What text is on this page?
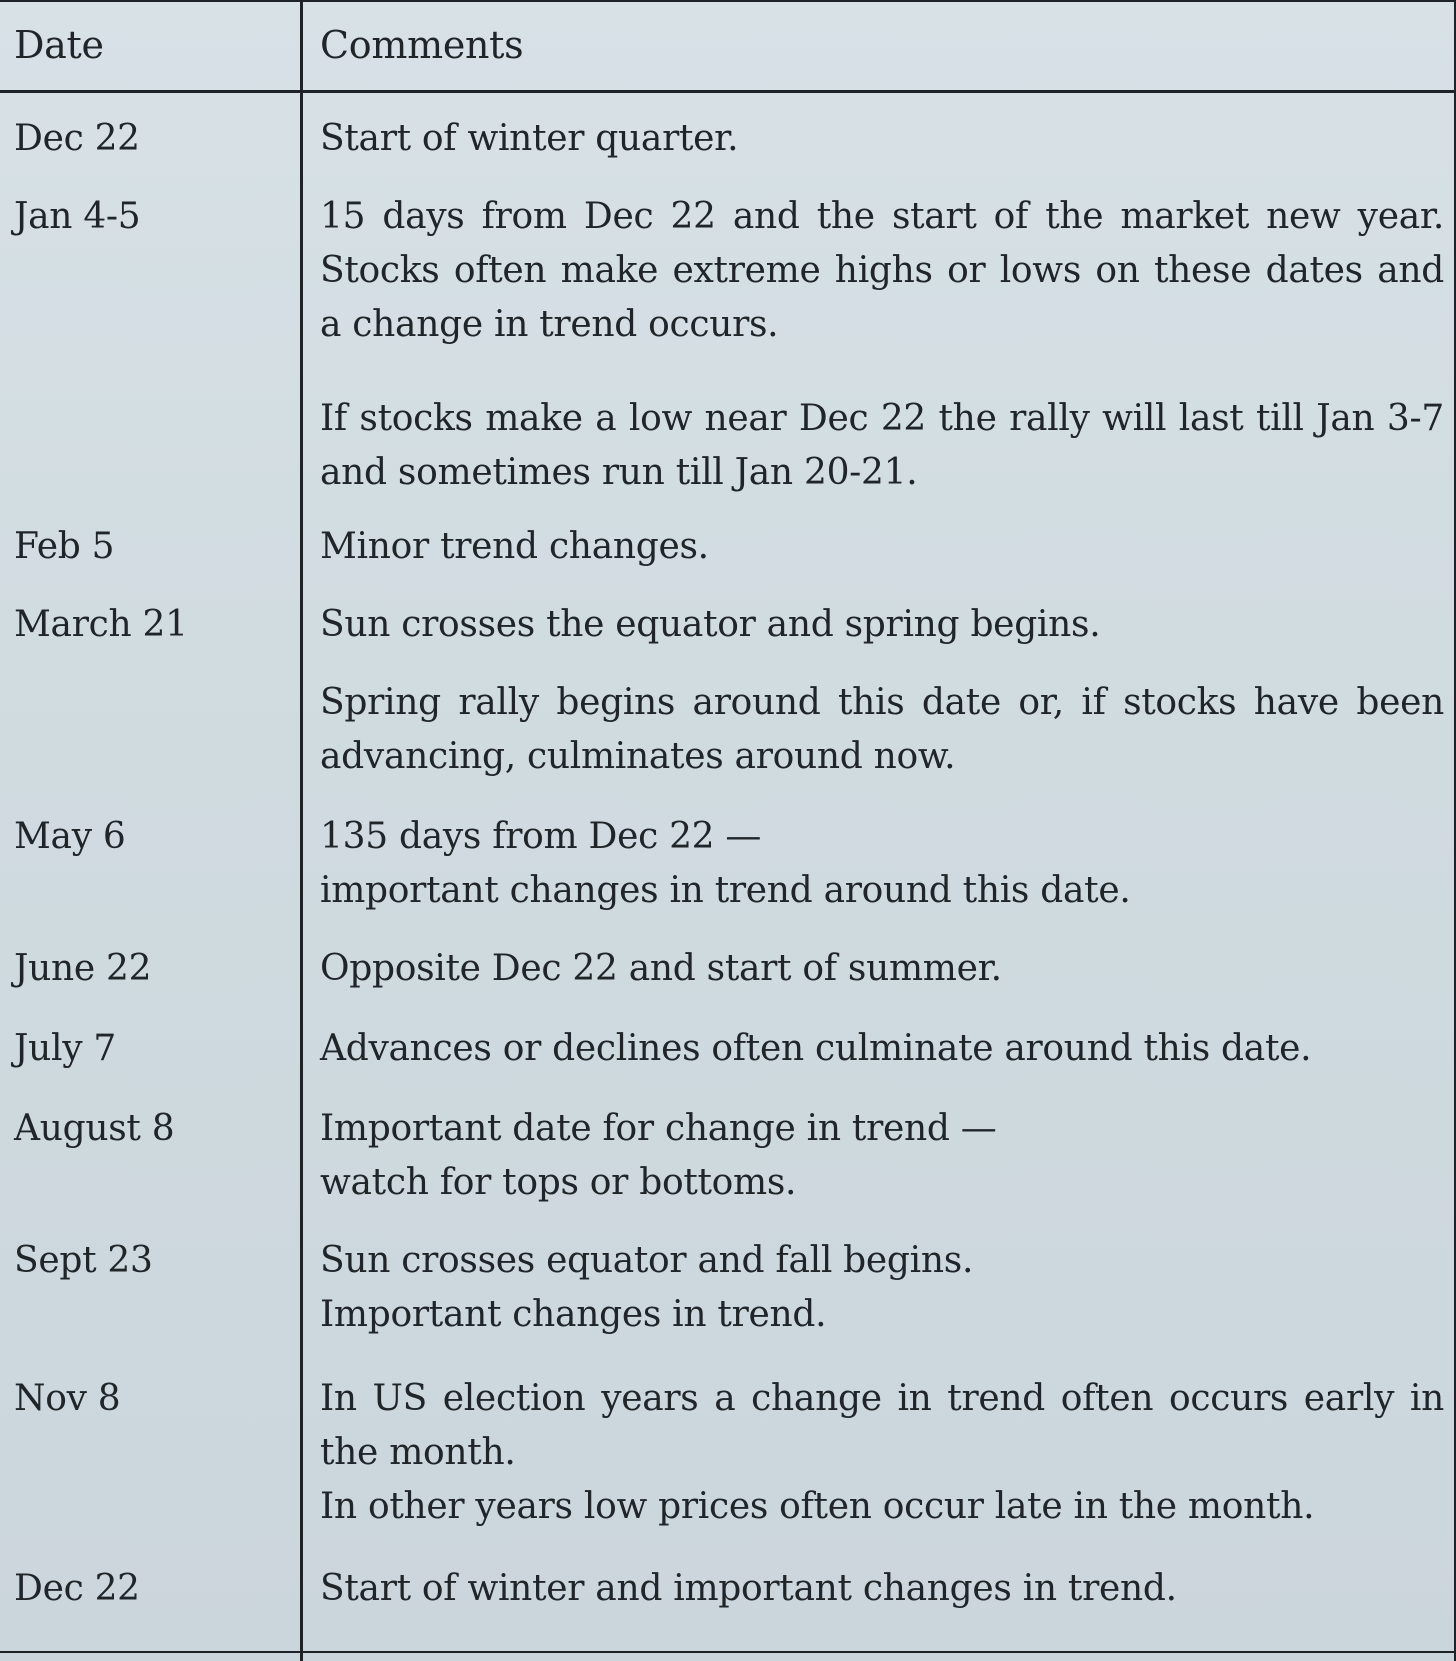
Date	Comments
Dec 22	Start of winter quarter.
Jan 4-5	15 days from Dec 22 and the start of the market new year. Stocks often make extreme highs or lows on these dates and a change in trend occurs.
If stocks make a low near Dec 22 the rally will last till Jan 3-7 and sometimes run till Jan 20-21.
Feb 5	Minor trend changes.
March 21	Sun crosses the equator and spring begins.
Spring rally begins around this date or, if stocks have been advancing, culminates around now.
May 6	135 days from Dec 22 —
important changes in trend around this date.
June 22	Opposite Dec 22 and start of summer.
July 7	Advances or declines often culminate around this date.
August 8	Important date for change in trend —
watch for tops or bottoms.
Sept 23	Sun crosses equator and fall begins.
Important changes in trend.
Nov 8	In US election years a change in trend often occurs early in the month.
In other years low prices often occur late in the month.
Dec 22	Start of winter and important changes in trend.
